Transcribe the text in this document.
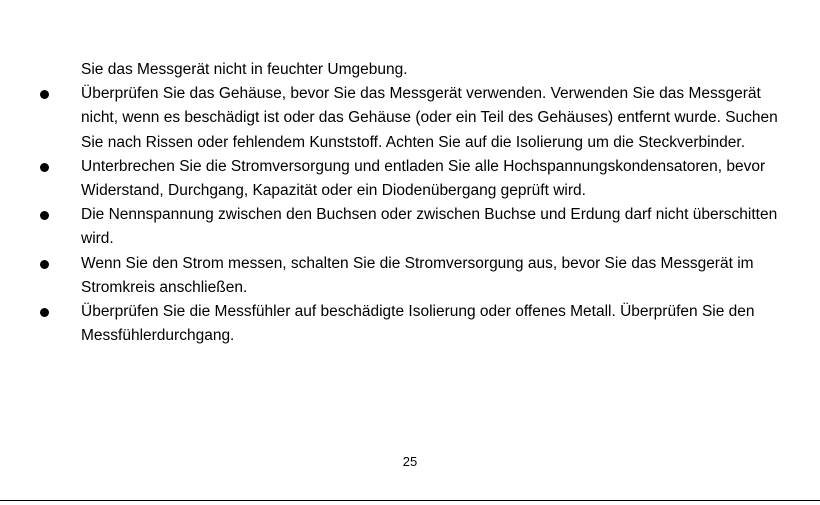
Sie das Messgerät nicht in feuchter Umgebung.

Überprüfen Sie das Gehäuse, bevor Sie das Messgerät verwenden. Verwenden Sie das Messgerät nicht, wenn es beschädigt ist oder das Gehäuse (oder ein Teil des Gehäuses) entfernt wurde. Suchen Sie nach Rissen oder fehlendem Kunststoff. Achten Sie auf die Isolierung um die Steckverbinder.
Unterbrechen Sie die Stromversorgung und entladen Sie alle Hochspannungskondensatoren, bevor Widerstand, Durchgang, Kapazität oder ein Diodenübergang geprüft wird.
Die Nennspannung zwischen den Buchsen oder zwischen Buchse und Erdung darf nicht überschitten wird.
Wenn Sie den Strom messen, schalten Sie die Stromversorgung aus, bevor Sie das Messgerät im Stromkreis anschließen.
Überprüfen Sie die Messfühler auf beschädigte Isolierung oder offenes Metall. Überprüfen Sie den Messfühlerdurchgang.
25
